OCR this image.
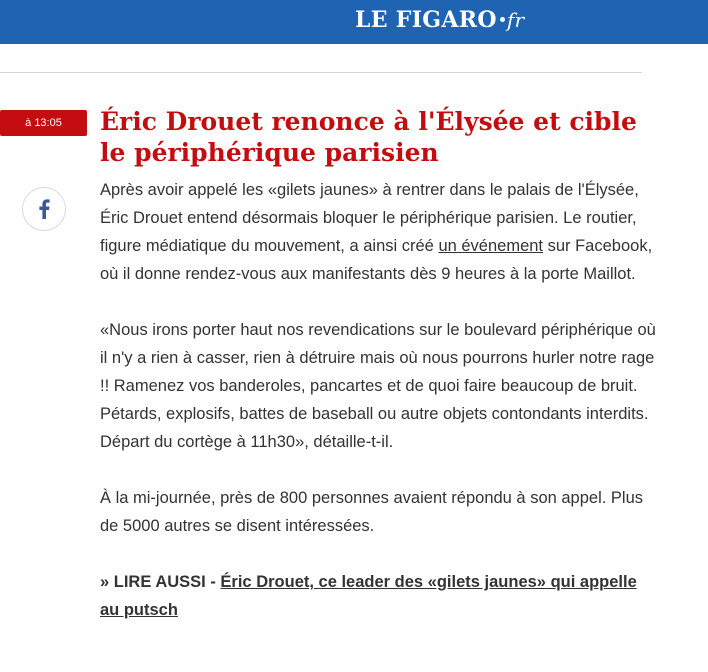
LE FIGARO fr
à 13:05	Éric Drouet renonce à l'Élysée et cible le périphérique parisien

Après avoir appelé les «gilets jaunes» à rentrer dans le palais de l'Élysée, Éric Drouet entend désormais bloquer le périphérique parisien. Le routier, figure médiatique du mouvement, a ainsi créé un événement sur Facebook, où il donne rendez-vous aux manifestants dès 9 heures à la porte Maillot.

«Nous irons porter haut nos revendications sur le boulevard périphérique où il n'y a rien à casser, rien à détruire mais où nous pourrons hurler notre rage !! Ramenez vos banderoles, pancartes et de quoi faire beaucoup de bruit. Pétards, explosifs, battes de baseball ou autre objets contondants interdits. Départ du cortège à 11h30», détaille-t-il.

À la mi-journée, près de 800 personnes avaient répondu à son appel. Plus de 5000 autres se disent intéressées.

» LIRE AUSSI - Éric Drouet, ce leader des «gilets jaunes» qui appelle au putsch
